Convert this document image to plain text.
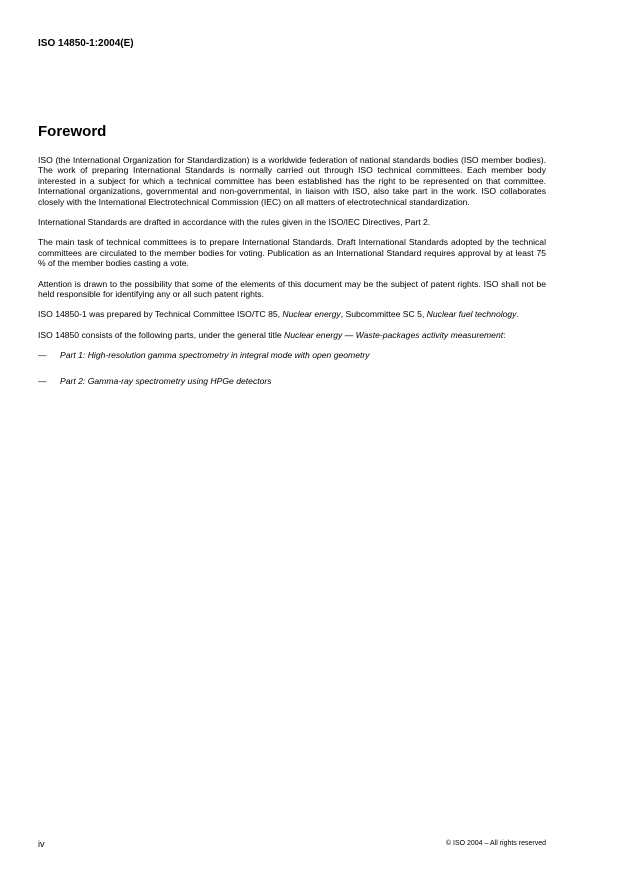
ISO 14850-1:2004(E)

Foreword

ISO (the International Organization for Standardization) is a worldwide federation of national standards bodies (ISO member bodies). The work of preparing International Standards is normally carried out through ISO technical committees. Each member body interested in a subject for which a technical committee has been established has the right to be represented on that committee. International organizations, governmental and non-governmental, in liaison with ISO, also take part in the work. ISO collaborates closely with the International Electrotechnical Commission (IEC) on all matters of electrotechnical standardization.

International Standards are drafted in accordance with the rules given in the ISO/IEC Directives, Part 2.

The main task of technical committees is to prepare International Standards. Draft International Standards adopted by the technical committees are circulated to the member bodies for voting. Publication as an International Standard requires approval by at least 75 % of the member bodies casting a vote.

Attention is drawn to the possibility that some of the elements of this document may be the subject of patent rights. ISO shall not be held responsible for identifying any or all such patent rights.

ISO 14850-1 was prepared by Technical Committee ISO/TC 85, Nuclear energy, Subcommittee SC 5, Nuclear fuel technology.

ISO 14850 consists of the following parts, under the general title Nuclear energy — Waste-packages activity measurement:

—	Part 1: High-resolution gamma spectrometry in integral mode with open geometry
—	Part 2: Gamma-ray spectrometry using HPGe detectors

iv	© ISO 2004 – All rights reserved
